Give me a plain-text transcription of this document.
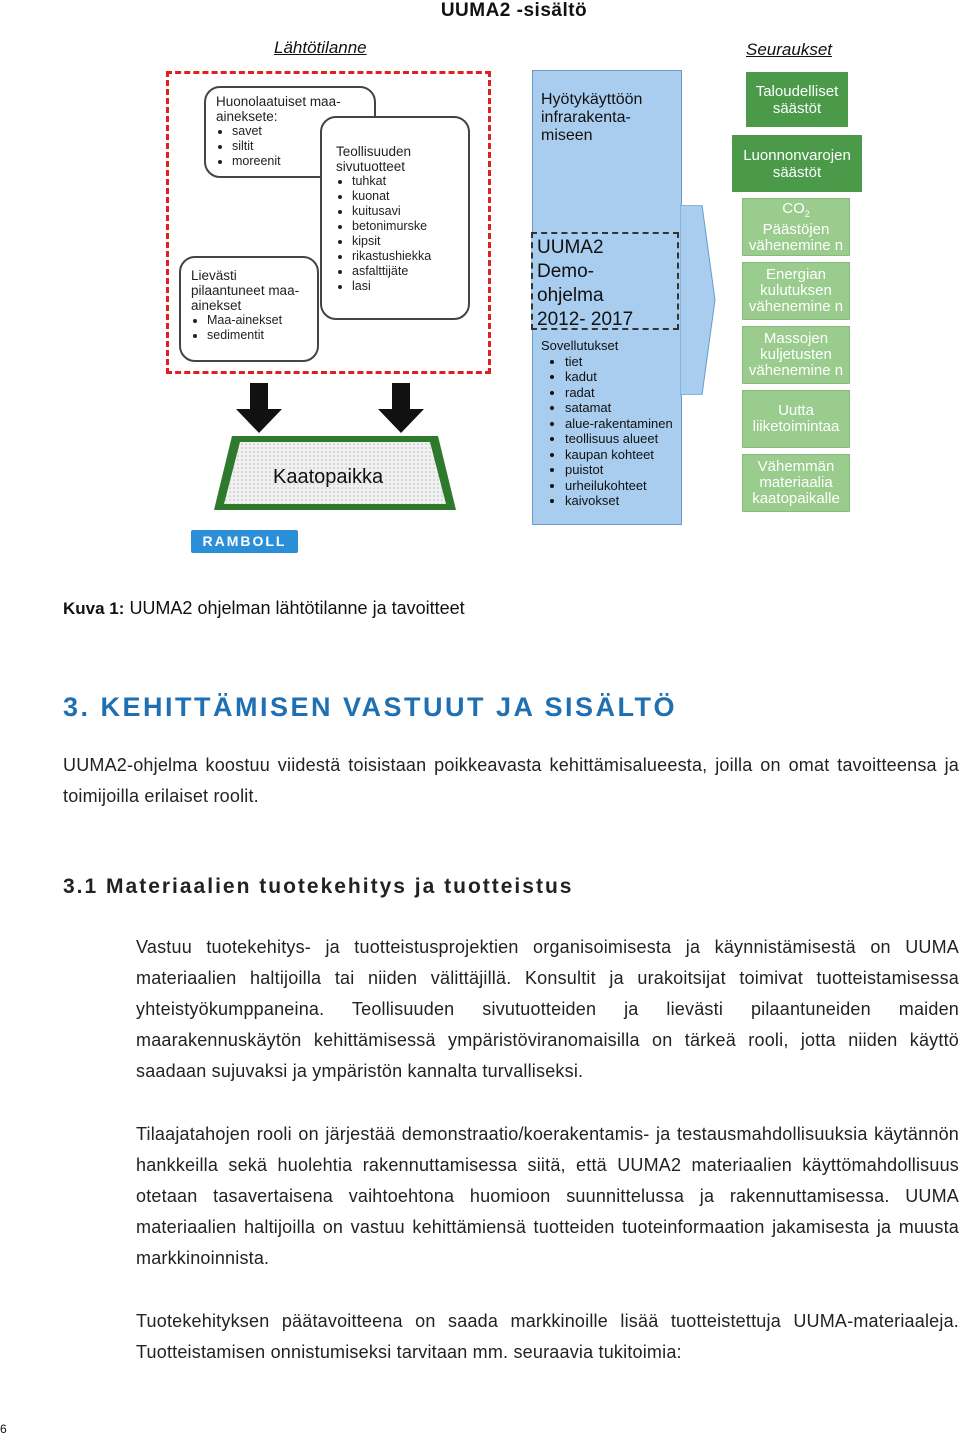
UUMA2 -sisältö
Lähtötilanne	Seuraukset
Huonolaatuiset maa-aineksete:
• savet
• siltit
• moreenit
Teollisuuden sivutuotteet
• tuhkat
• kuonat
• kuitusavi
• betonimurske
• kipsit
• rikastushiekka
• asfalttijäte
• lasi
Lievästi pilaantuneet maa-ainekset
• Maa-ainekset
• sedimentit
Kaatopaikka
RAMBOLL
Hyötykäyttöön infrarakenta-miseen
UUMA2
Demo-
ohjelma
2012- 2017
Sovellutukset
• tiet
• kadut
• radat
• satamat
• alue-rakentaminen
• teollisuus alueet
• kaupan kohteet
• puistot
• urheilukohteet
• kaivokset
Taloudelliset säästöt
Luonnonvarojen säästöt
$CO_2$
Päästöjen vähenemine n
Energian kulutuksen vähenemine n
Massojen kuljetusten vähenemine n
Uutta liiketoimintaa
Vähemmän materiaalia kaatopaikalle
Kuva 1: UUMA2 ohjelman lähtötilanne ja tavoitteet
3. KEHITTÄMISEN VASTUUT JA SISÄLTÖ
UUMA2-ohjelma koostuu viidestä toisistaan poikkeavasta kehittämisalueesta, joilla on omat tavoitteensa ja toimijoilla erilaiset roolit.
3.1 Materiaalien tuotekehitys ja tuotteistus
Vastuu tuotekehitys- ja tuotteistusprojektien organisoimisesta ja käynnistämisestä on UUMA materiaalien haltijoilla tai niiden välittäjillä. Konsultit ja urakoitsijat toimivat tuotteistamisessa yhteistyökumppaneina. Teollisuuden sivutuotteiden ja lievästi pilaantuneiden maiden maarakennuskäytön kehittämisessä ympäristöviranomaisilla on tärkeä rooli, jotta niiden käyttö saadaan sujuvaksi ja ympäristön kannalta turvalliseksi.
Tilaajatahojen rooli on järjestää demonstraatio/koerakentamis- ja testausmahdollisuuksia käytännön hankkeilla sekä huolehtia rakennuttamisessa siitä, että UUMA2 materiaalien käyttömahdollisuus otetaan tasavertaisena vaihtoehtona huomioon suunnittelussa ja rakennuttamisessa. UUMA materiaalien haltijoilla on vastuu kehittämiensä tuotteiden tuoteinformaation jakamisesta ja muusta markkinoinnista.
Tuotekehityksen päätavoitteena on saada markkinoille lisää tuotteistettuja UUMA-materiaaleja. Tuotteistamisen onnistumiseksi tarvitaan mm. seuraavia tukitoimia:
6
